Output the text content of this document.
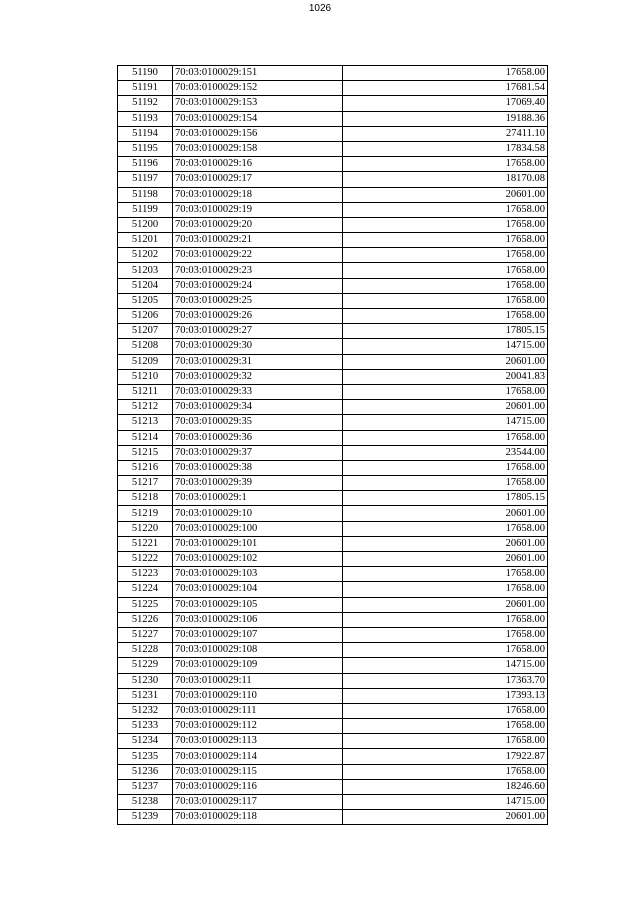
1026
51190	70:03:0100029:151	17658.00
51191	70:03:0100029:152	17681.54
51192	70:03:0100029:153	17069.40
51193	70:03:0100029:154	19188.36
51194	70:03:0100029:156	27411.10
51195	70:03:0100029:158	17834.58
51196	70:03:0100029:16	17658.00
51197	70:03:0100029:17	18170.08
51198	70:03:0100029:18	20601.00
51199	70:03:0100029:19	17658.00
51200	70:03:0100029:20	17658.00
51201	70:03:0100029:21	17658.00
51202	70:03:0100029:22	17658.00
51203	70:03:0100029:23	17658.00
51204	70:03:0100029:24	17658.00
51205	70:03:0100029:25	17658.00
51206	70:03:0100029:26	17658.00
51207	70:03:0100029:27	17805.15
51208	70:03:0100029:30	14715.00
51209	70:03:0100029:31	20601.00
51210	70:03:0100029:32	20041.83
51211	70:03:0100029:33	17658.00
51212	70:03:0100029:34	20601.00
51213	70:03:0100029:35	14715.00
51214	70:03:0100029:36	17658.00
51215	70:03:0100029:37	23544.00
51216	70:03:0100029:38	17658.00
51217	70:03:0100029:39	17658.00
51218	70:03:0100029:1	17805.15
51219	70:03:0100029:10	20601.00
51220	70:03:0100029:100	17658.00
51221	70:03:0100029:101	20601.00
51222	70:03:0100029:102	20601.00
51223	70:03:0100029:103	17658.00
51224	70:03:0100029:104	17658.00
51225	70:03:0100029:105	20601.00
51226	70:03:0100029:106	17658.00
51227	70:03:0100029:107	17658.00
51228	70:03:0100029:108	17658.00
51229	70:03:0100029:109	14715.00
51230	70:03:0100029:11	17363.70
51231	70:03:0100029:110	17393.13
51232	70:03:0100029:111	17658.00
51233	70:03:0100029:112	17658.00
51234	70:03:0100029:113	17658.00
51235	70:03:0100029:114	17922.87
51236	70:03:0100029:115	17658.00
51237	70:03:0100029:116	18246.60
51238	70:03:0100029:117	14715.00
51239	70:03:0100029:118	20601.00
